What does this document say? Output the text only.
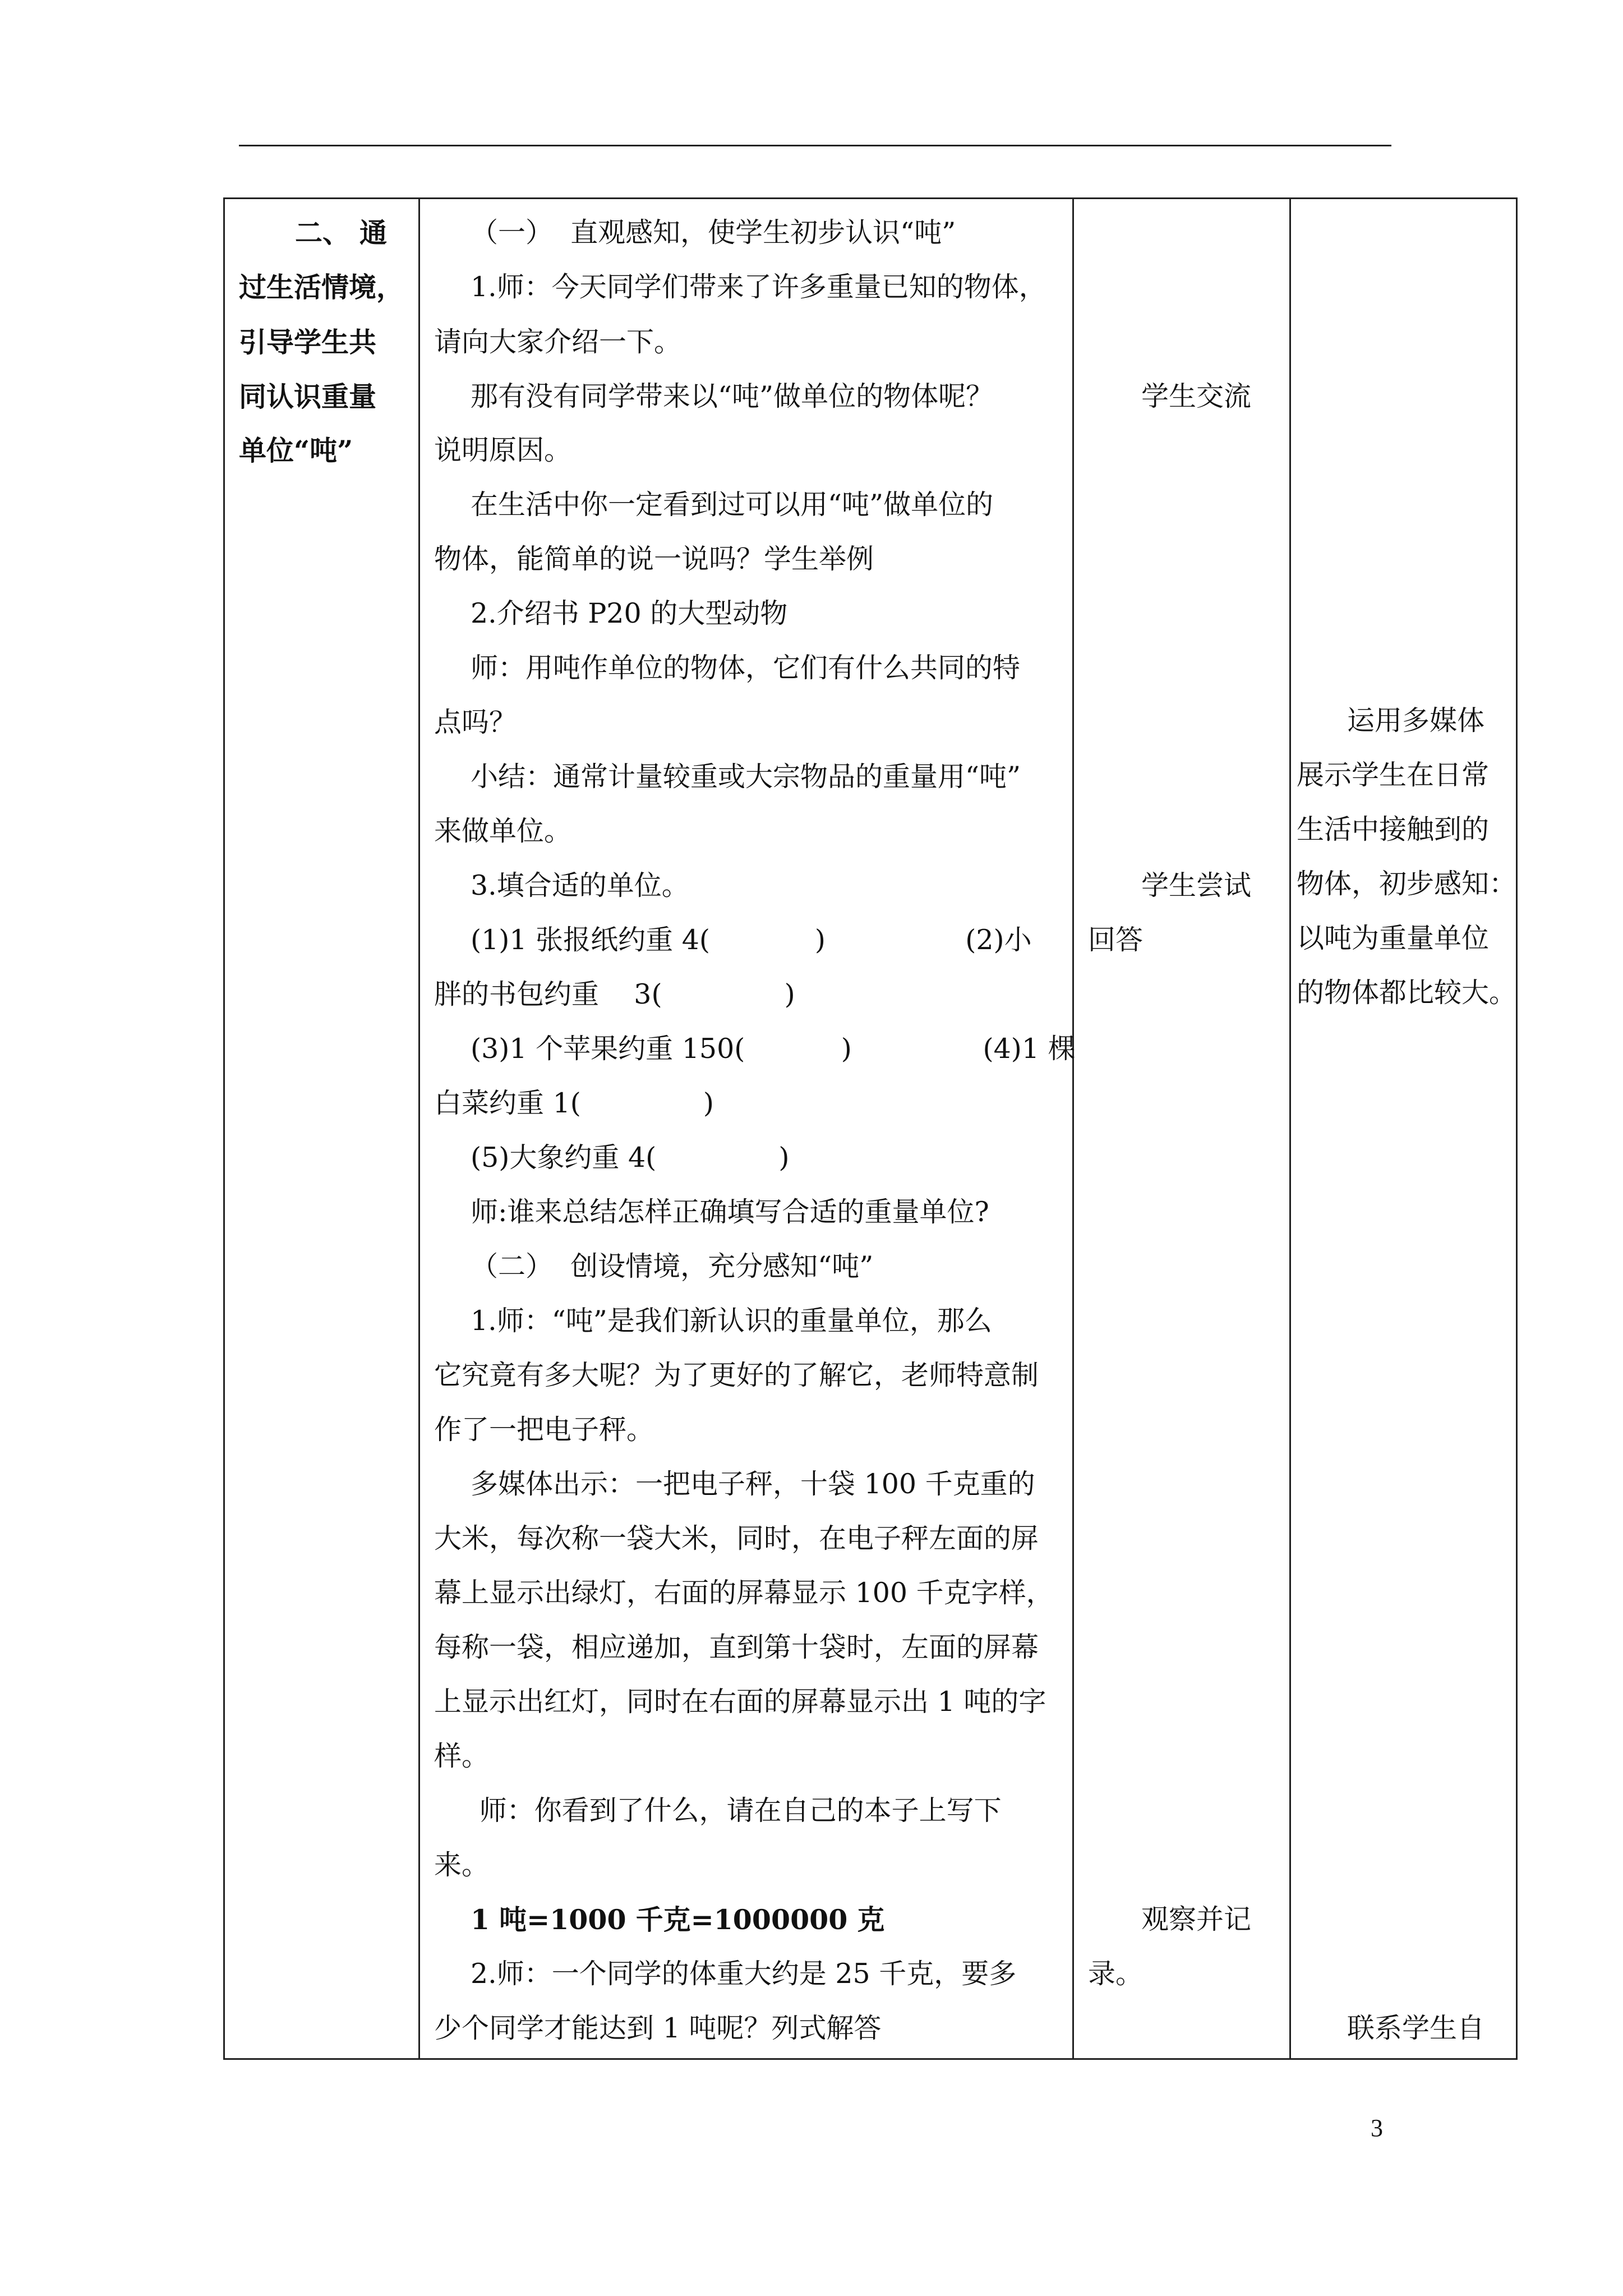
二、 通
过生活情境，
引导学生共
同认识重量
单位“吨”
（一）  直观感知，使学生初步认识“吨”
1.师：今天同学们带来了许多重量已知的物体，
请向大家介绍一下。
那有没有同学带来以“吨”做单位的物体呢？
说明原因。
在生活中你一定看到过可以用“吨”做单位的
物体，能简单的说一说吗？学生举例
2.介绍书 P20 的大型动物
师：用吨作单位的物体，它们有什么共同的特
点吗？
小结：通常计量较重或大宗物品的重量用“吨”
来做单位。
3.填合适的单位。
(1)1 张报纸约重 4(            )                (2)小
胖的书包约重    3(              )
(3)1 个苹果约重 150(           )               (4)1 棵
白菜约重 1(              )
(5)大象约重 4(              )
师:谁来总结怎样正确填写合适的重量单位?
（二）  创设情境，充分感知“吨”
1.师：“吨”是我们新认识的重量单位，那么
它究竟有多大呢？为了更好的了解它，老师特意制
作了一把电子秤。
多媒体出示：一把电子秤，十袋 100 千克重的
大米，每次称一袋大米，同时，在电子秤左面的屏
幕上显示出绿灯，右面的屏幕显示 100 千克字样，
每称一袋，相应递加，直到第十袋时，左面的屏幕
上显示出红灯，同时在右面的屏幕显示出 1 吨的字
样。
师：你看到了什么，请在自己的本子上写下
来。
1 吨=1000 千克=1000000 克
2.师：一个同学的体重大约是 25 千克，要多
少个同学才能达到 1 吨呢？列式解答
学生交流
学生尝试
回答
观察并记
录。
运用多媒体
展示学生在日常
生活中接触到的
物体，初步感知：
以吨为重量单位
的物体都比较大。
联系学生自
3
